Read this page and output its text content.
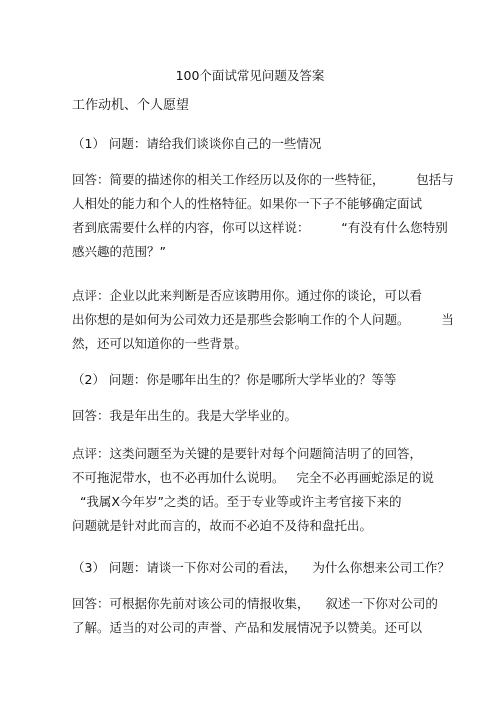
100个面试常见问题及答案
工作动机、个人愿望
（1） 问题：请给我们谈谈你自己的一些情况
回答：简要的描述你的相关工作经历以及你的一些特征，        包括与
人相处的能力和个人的性格特征。如果你一下子不能够确定面试
者到底需要什么样的内容，你可以这样说：        “有没有什么您特别
感兴趣的范围？”
点评：企业以此来判断是否应该聘用你。通过你的谈论，可以看
出你想的是如何为公司效力还是那些会影响工作的个人问题。        当
然，还可以知道你的一些背景。
（2） 问题：你是哪年出生的？你是哪所大学毕业的？等等
回答：我是年出生的。我是大学毕业的。
点评：这类问题至为关键的是要针对每个问题简洁明了的回答，
不可拖泥带水，也不必再加什么说明。   完全不必再画蛇添足的说
“我属X今年岁”之类的话。至于专业等或许主考官接下来的
问题就是针对此而言的，故而不必迫不及待和盘托出。
（3） 问题：请谈一下你对公司的看法，    为什么你想来公司工作？
回答：可根据你先前对该公司的情报收集，    叙述一下你对公司的
了解。适当的对公司的声誉、产品和发展情况予以赞美。还可以
